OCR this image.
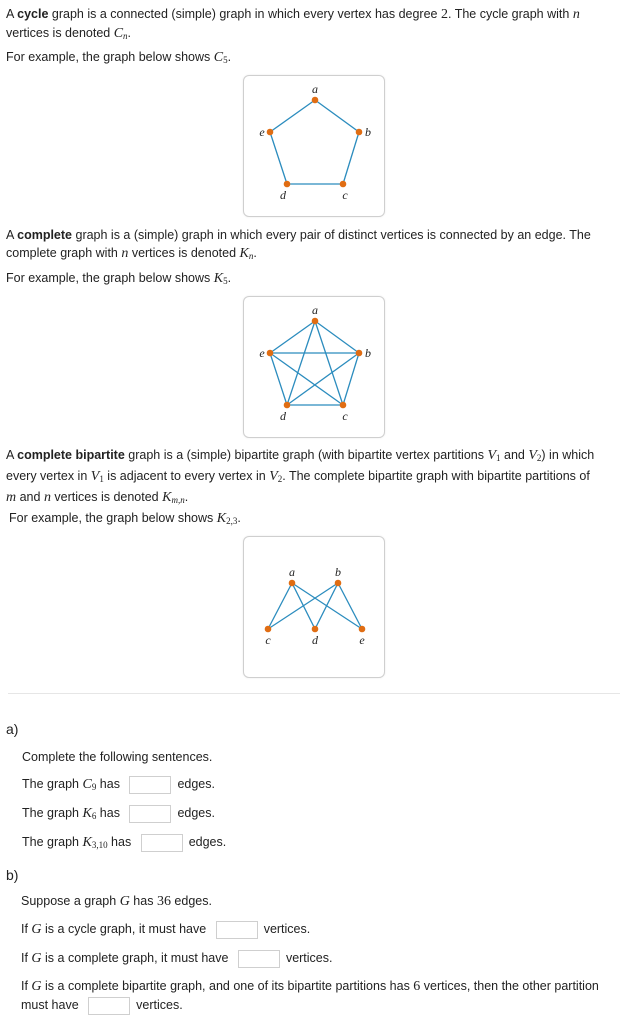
A cycle graph is a connected (simple) graph in which every vertex has degree 2. The cycle graph with n
vertices is denoted $C_n$.
For example, the graph below shows $C_5$.
a
b
c
d
e
A complete graph is a (simple) graph in which every pair of distinct vertices is connected by an edge. The
complete graph with n vertices is denoted $K_n$.
For example, the graph below shows $K_5$.
a
b
c
d
e
A complete bipartite graph is a (simple) bipartite graph (with bipartite vertex partitions $V_1$ and $V_2$) in which
every vertex in $V_1$ is adjacent to every vertex in $V_2$. The complete bipartite graph with bipartite partitions of
m and n vertices is denoted $K_{m,n}$.
For example, the graph below shows $K_{2,3}$.
a	b
c	d	e
a)
Complete the following sentences.
The graph $C_9$ has	edges.
The graph $K_6$ has	edges.
The graph $K_{3,10}$ has	edges.
b)
Suppose a graph G has 36 edges.
If G is a cycle graph, it must have	vertices.
If G is a complete graph, it must have	vertices.
If G is a complete bipartite graph, and one of its bipartite partitions has 6 vertices, then the other partition
must have	vertices.
